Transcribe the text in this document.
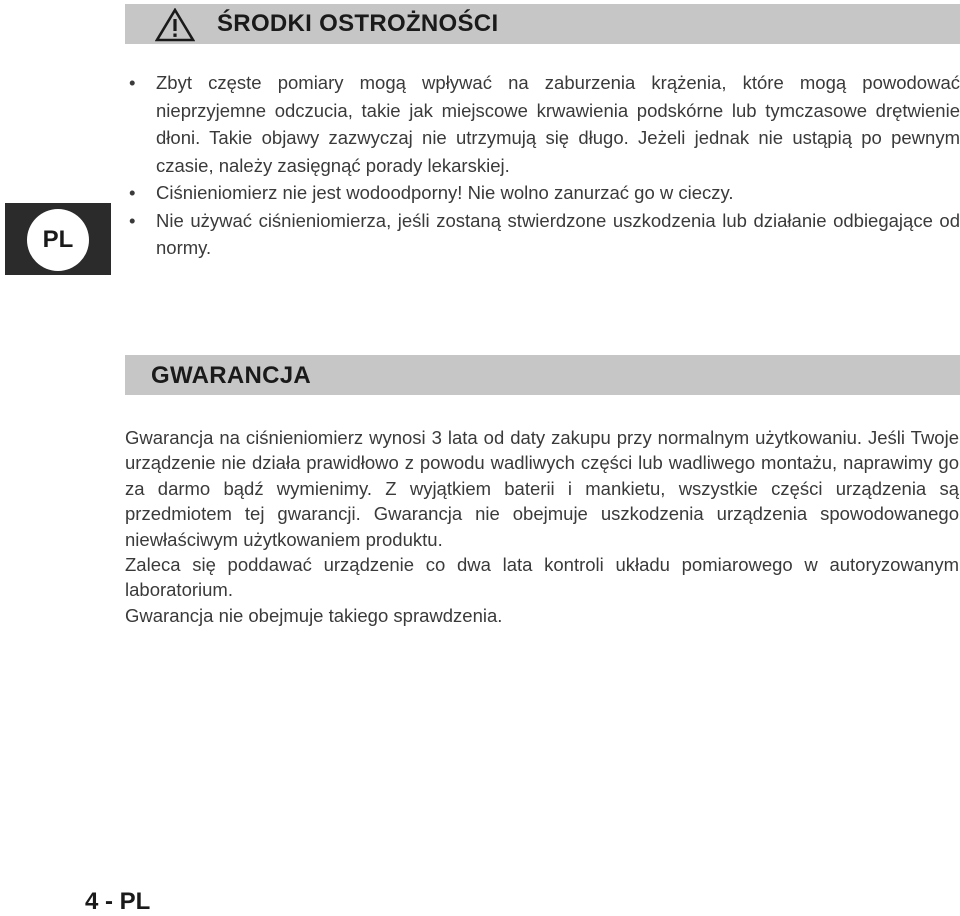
ŚRODKI OSTROŻNOŚCI
PL
• Zbyt częste pomiary mogą wpływać na zaburzenia krążenia, które mogą powodować nieprzyjemne odczucia, takie jak miejscowe krwawienia podskórne lub tymczasowe drętwienie dłoni. Takie objawy zazwyczaj nie utrzymują się długo. Jeżeli jednak nie ustąpią po pewnym czasie, należy zasięgnąć porady lekarskiej.
• Ciśnieniomierz nie jest wodoodporny! Nie wolno zanurzać go w cieczy.
• Nie używać ciśnieniomierza, jeśli zostaną stwierdzone uszkodzenia lub działanie odbiegające od normy.
GWARANCJA

Gwarancja na ciśnieniomierz wynosi 3 lata od daty zakupu przy normalnym użytkowaniu. Jeśli Twoje urządzenie nie działa prawidłowo z powodu wadliwych części lub wadliwego montażu, naprawimy go za darmo bądź wymienimy. Z wyjątkiem baterii i mankietu, wszystkie części urządzenia są przedmiotem tej gwarancji. Gwarancja nie obejmuje uszkodzenia urządzenia spowodowanego niewłaściwym użytkowaniem produktu.

Zaleca się poddawać urządzenie co dwa lata kontroli układu pomiarowego w autoryzowanym laboratorium.

Gwarancja nie obejmuje takiego sprawdzenia.

4 - PL
